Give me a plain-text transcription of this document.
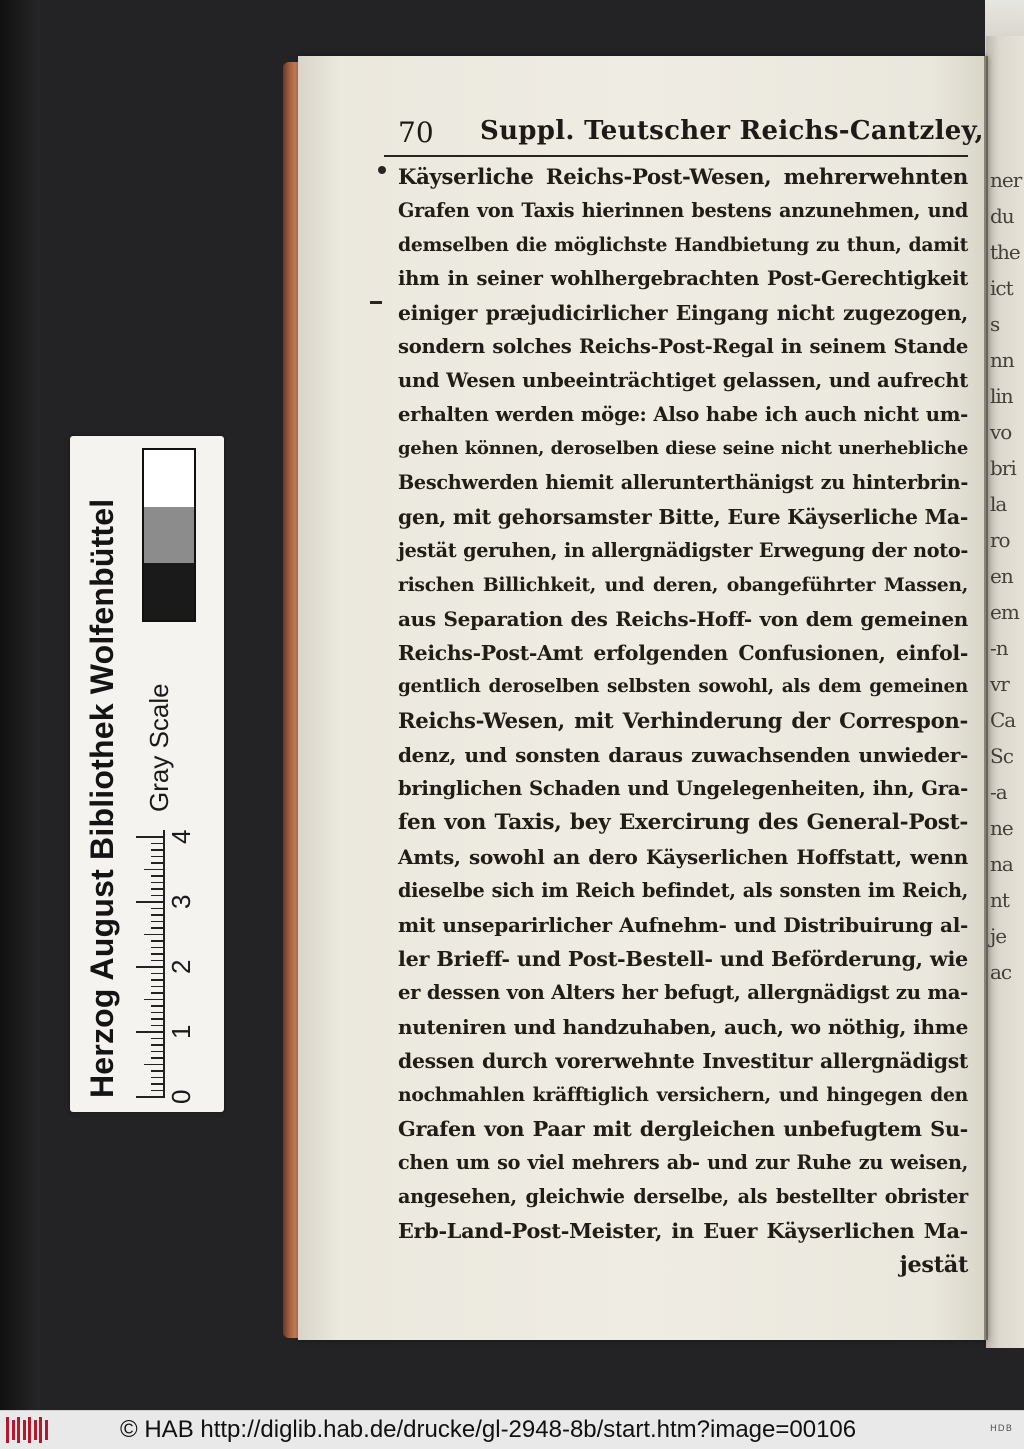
Herzog August Bibliothek Wolfenbüttel 0
1
2
3
4
Gray Scale
ner
du
the
ict
s
nn
lin
vo
bri
la
ro
en
em
-n
vr
Ca
Sc
-a
ne
na
nt
je
ac
70 Suppl. Teutscher Reichs-Cantzley,
Käyserliche Reichs-Post-Wesen, mehrerwehnten
Grafen von Taxis hierinnen bestens anzunehmen, und
demselben die möglichste Handbietung zu thun, damit
ihm in seiner wohlhergebrachten Post-Gerechtigkeit
einiger præjudicirlicher Eingang nicht zugezogen,
sondern solches Reichs-Post-Regal in seinem Stande
und Wesen unbeeinträchtiget gelassen, und aufrecht
erhalten werden möge: Also habe ich auch nicht um-
gehen können, deroselben diese seine nicht unerhebliche
Beschwerden hiemit allerunterthänigst zu hinterbrin-
gen, mit gehorsamster Bitte, Eure Käyserliche Ma-
jestät geruhen, in allergnädigster Erwegung der noto-
rischen Billichkeit, und deren, obangeführter Massen,
aus Separation des Reichs-Hoff- von dem gemeinen
Reichs-Post-Amt erfolgenden Confusionen, einfol-
gentlich deroselben selbsten sowohl, als dem gemeinen
Reichs-Wesen, mit Verhinderung der Correspon-
denz, und sonsten daraus zuwachsenden unwieder-
bringlichen Schaden und Ungelegenheiten, ihn, Gra-
fen von Taxis, bey Exercirung des General-Post-
Amts, sowohl an dero Käyserlichen Hoffstatt, wenn
dieselbe sich im Reich befindet, als sonsten im Reich,
mit unseparirlicher Aufnehm- und Distribuirung al-
ler Brieff- und Post-Bestell- und Beförderung, wie
er dessen von Alters her befugt, allergnädigst zu ma-
nuteniren und handzuhaben, auch, wo nöthig, ihme
dessen durch vorerwehnte Investitur allergnädigst
nochmahlen kräfftiglich versichern, und hingegen den
Grafen von Paar mit dergleichen unbefugtem Su-
chen um so viel mehrers ab- und zur Ruhe zu weisen,
angesehen, gleichwie derselbe, als bestellter obrister
Erb-Land-Post-Meister, in Euer Käyserlichen Ma-
jestät
© HAB http://diglib.hab.de/drucke/gl-2948-8b/start.htm?image=00106	HDB
